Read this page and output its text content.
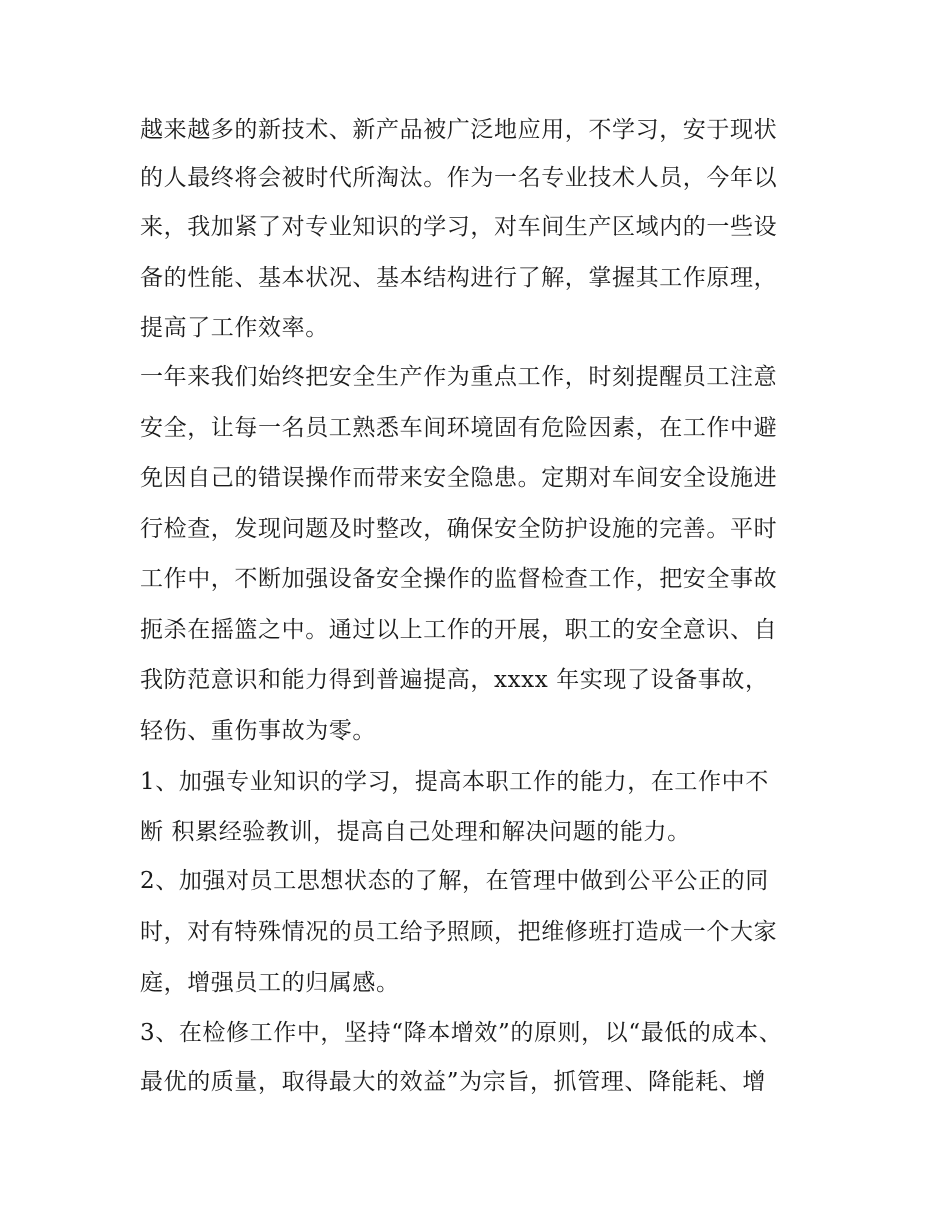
越来越多的新技术、新产品被广泛地应用，不学习，安于现状
的人最终将会被时代所淘汰。作为一名专业技术人员，今年以
来，我加紧了对专业知识的学习，对车间生产区域内的一些设
备的性能、基本状况、基本结构进行了解，掌握其工作原理，
提高了工作效率。
一年来我们始终把安全生产作为重点工作，时刻提醒员工注意
安全，让每一名员工熟悉车间环境固有危险因素，在工作中避
免因自己的错误操作而带来安全隐患。定期对车间安全设施进
行检查，发现问题及时整改，确保安全防护设施的完善。平时
工作中，不断加强设备安全操作的监督检查工作，把安全事故
扼杀在摇篮之中。通过以上工作的开展，职工的安全意识、自
我防范意识和能力得到普遍提高，xxxx 年实现了设备事故，
轻伤、重伤事故为零。
1、加强专业知识的学习，提高本职工作的能力，在工作中不
断 积累经验教训，提高自己处理和解决问题的能力。
2、加强对员工思想状态的了解，在管理中做到公平公正的同
时，对有特殊情况的员工给予照顾，把维修班打造成一个大家
庭，增强员工的归属感。
3、在检修工作中，坚持“降本增效”的原则，以“最低的成本、
最优的质量，取得最大的效益”为宗旨，抓管理、降能耗、增
